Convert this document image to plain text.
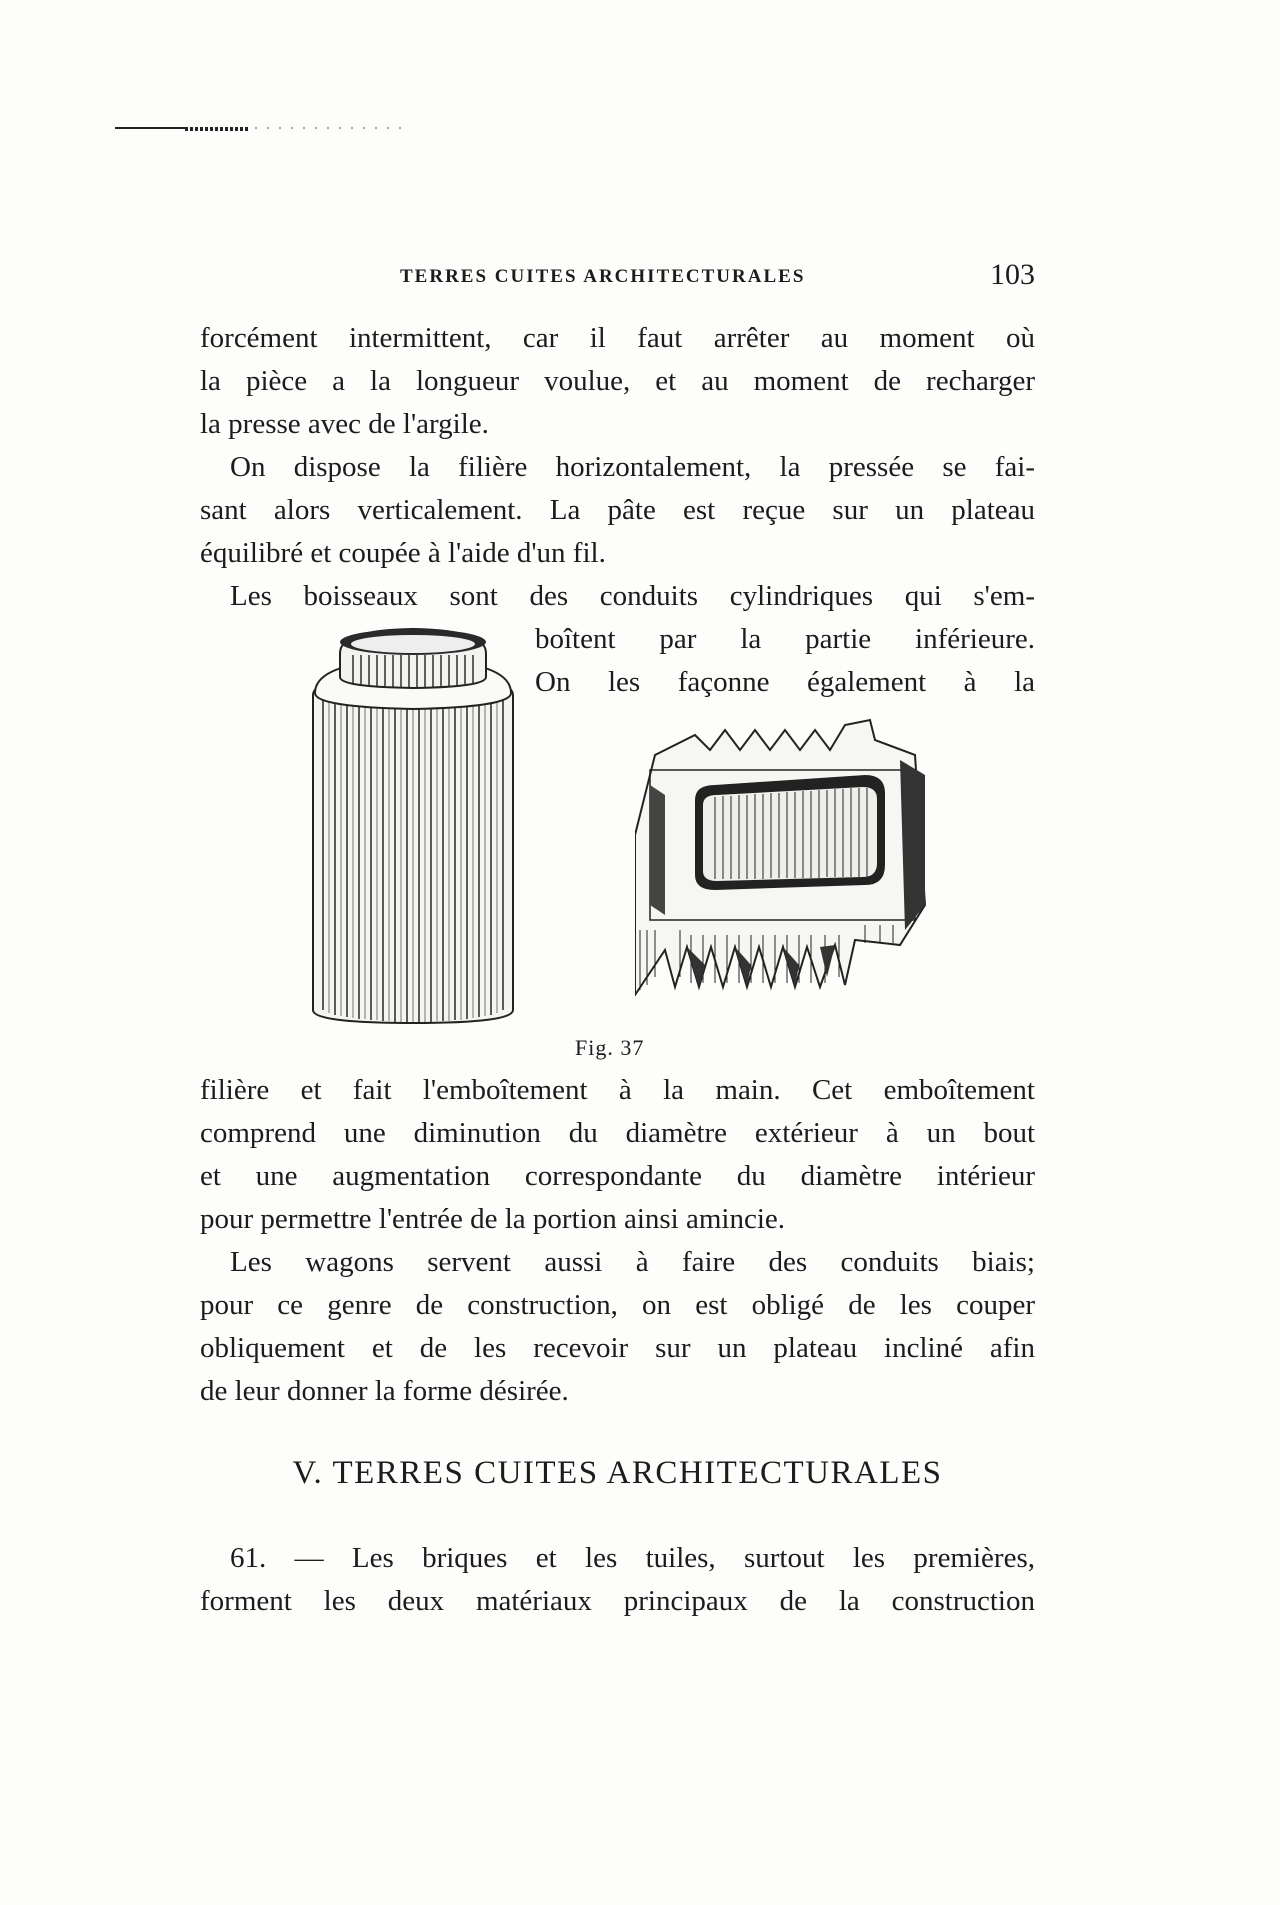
TERRES CUITES ARCHITECTURALES	103
forcément intermittent, car il faut arrêter au moment où
la pièce a la longueur voulue, et au moment de recharger
la presse avec de l'argile.
On dispose la filière horizontalement, la pressée se fai-
sant alors verticalement. La pâte est reçue sur un plateau
équilibré et coupée à l'aide d'un fil.
Les boisseaux sont des conduits cylindriques qui s'em-
boîtent par la partie inférieure.
On les façonne également à la
Fig. 37
filière et fait l'emboîtement à la main. Cet emboîtement
comprend une diminution du diamètre extérieur à un bout
et une augmentation correspondante du diamètre intérieur
pour permettre l'entrée de la portion ainsi amincie.
Les wagons servent aussi à faire des conduits biais;
pour ce genre de construction, on est obligé de les couper
obliquement et de les recevoir sur un plateau incliné afin
de leur donner la forme désirée.
V. TERRES CUITES ARCHITECTURALES
61. — Les briques et les tuiles, surtout les premières,
forment les deux matériaux principaux de la construction
